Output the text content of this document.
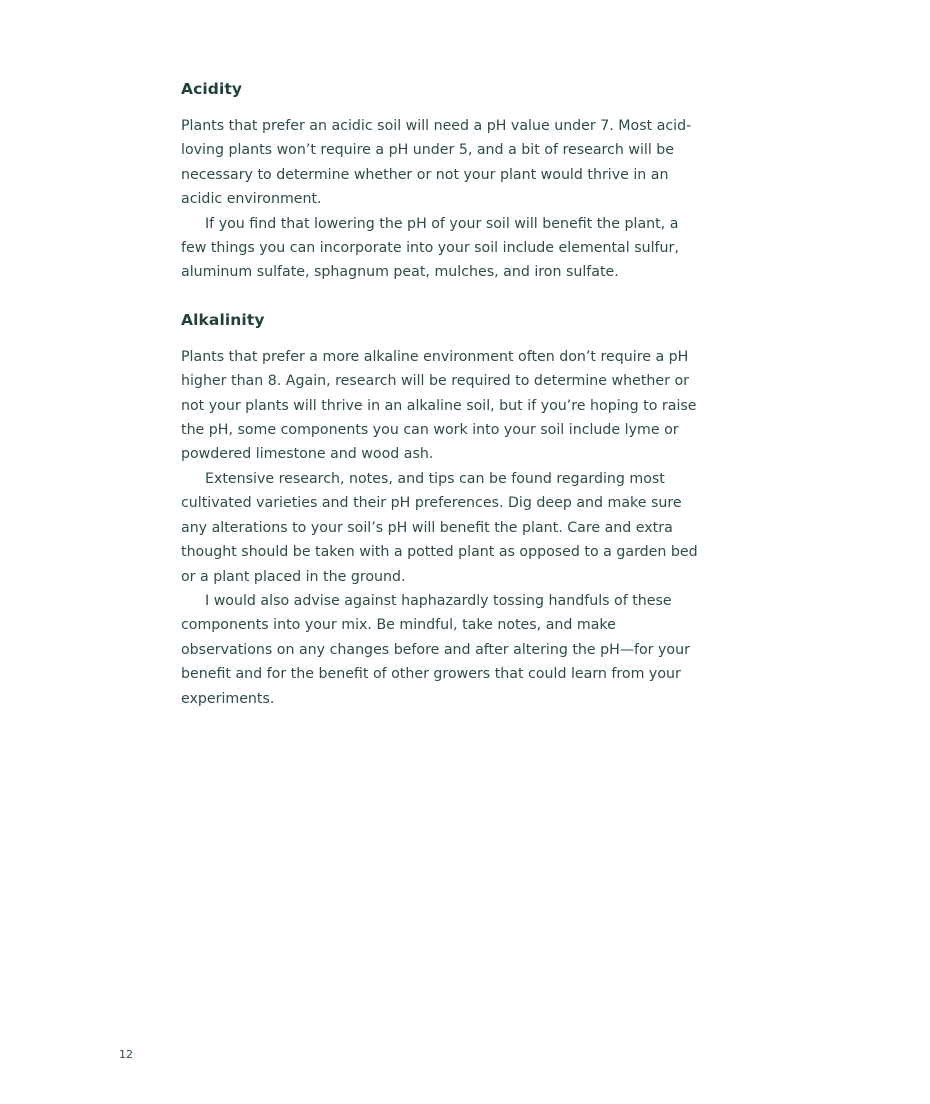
Acidity

Plants that prefer an acidic soil will need a pH value under 7. Most acid-loving plants won’t require a pH under 5, and a bit of research will be necessary to determine whether or not your plant would thrive in an acidic environment.

If you find that lowering the pH of your soil will benefit the plant, a few things you can incorporate into your soil include elemental sulfur, aluminum sulfate, sphagnum peat, mulches, and iron sulfate.

Alkalinity

Plants that prefer a more alkaline environment often don’t require a pH higher than 8. Again, research will be required to determine whether or not your plants will thrive in an alkaline soil, but if you’re hoping to raise the pH, some components you can work into your soil include lyme or powdered limestone and wood ash.

Extensive research, notes, and tips can be found regarding most cultivated varieties and their pH preferences. Dig deep and make sure any alterations to your soil’s pH will benefit the plant. Care and extra thought should be taken with a potted plant as opposed to a garden bed or a plant placed in the ground.

I would also advise against haphazardly tossing handfuls of these components into your mix. Be mindful, take notes, and make observations on any changes before and after altering the pH—for your benefit and for the benefit of other growers that could learn from your experiments.

12
